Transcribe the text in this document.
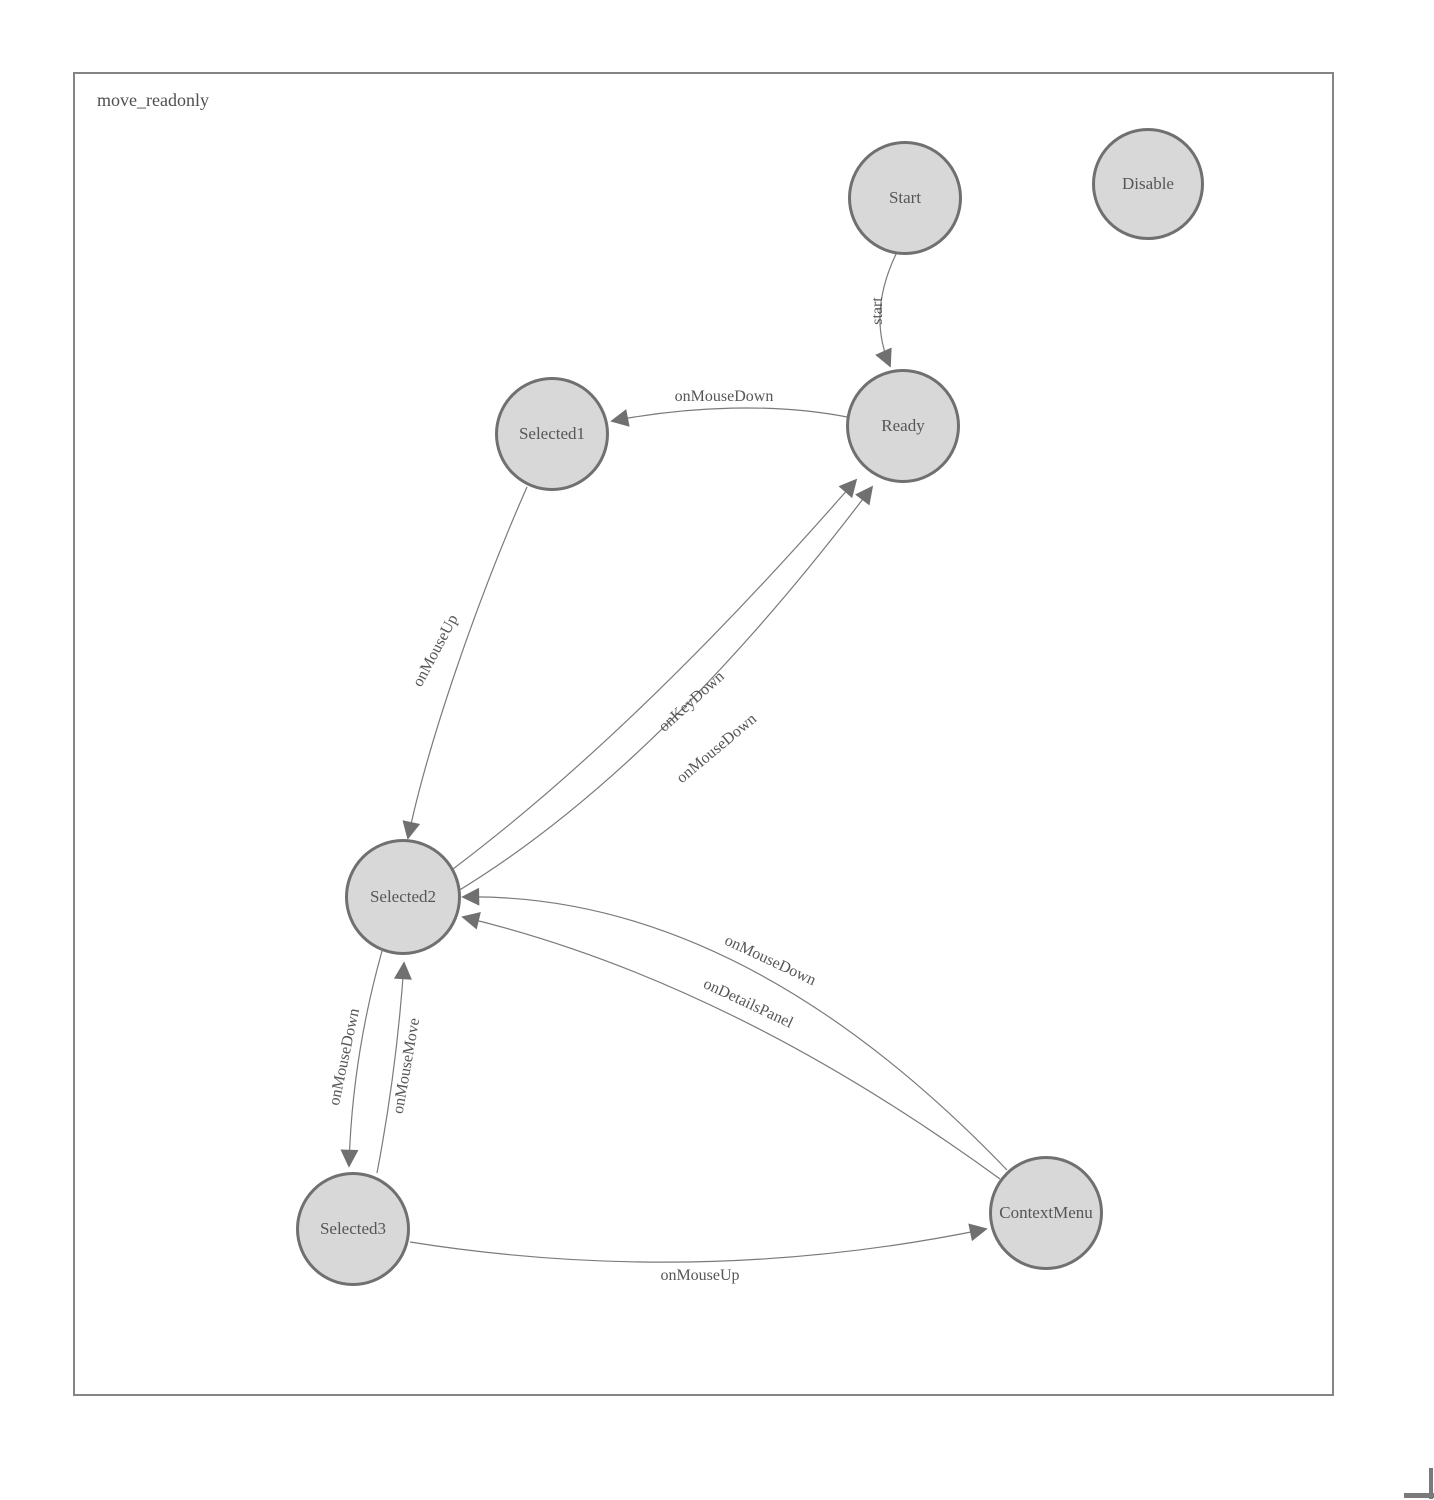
move_readonly
Start
Disable
Ready
Selected1
Selected2
Selected3
ContextMenu
start
onMouseDown
onMouseUp
onKeyDown
onMouseDown
onMouseDown onMouseMove
onMouseDown
onDetailsPanel
onMouseUp
